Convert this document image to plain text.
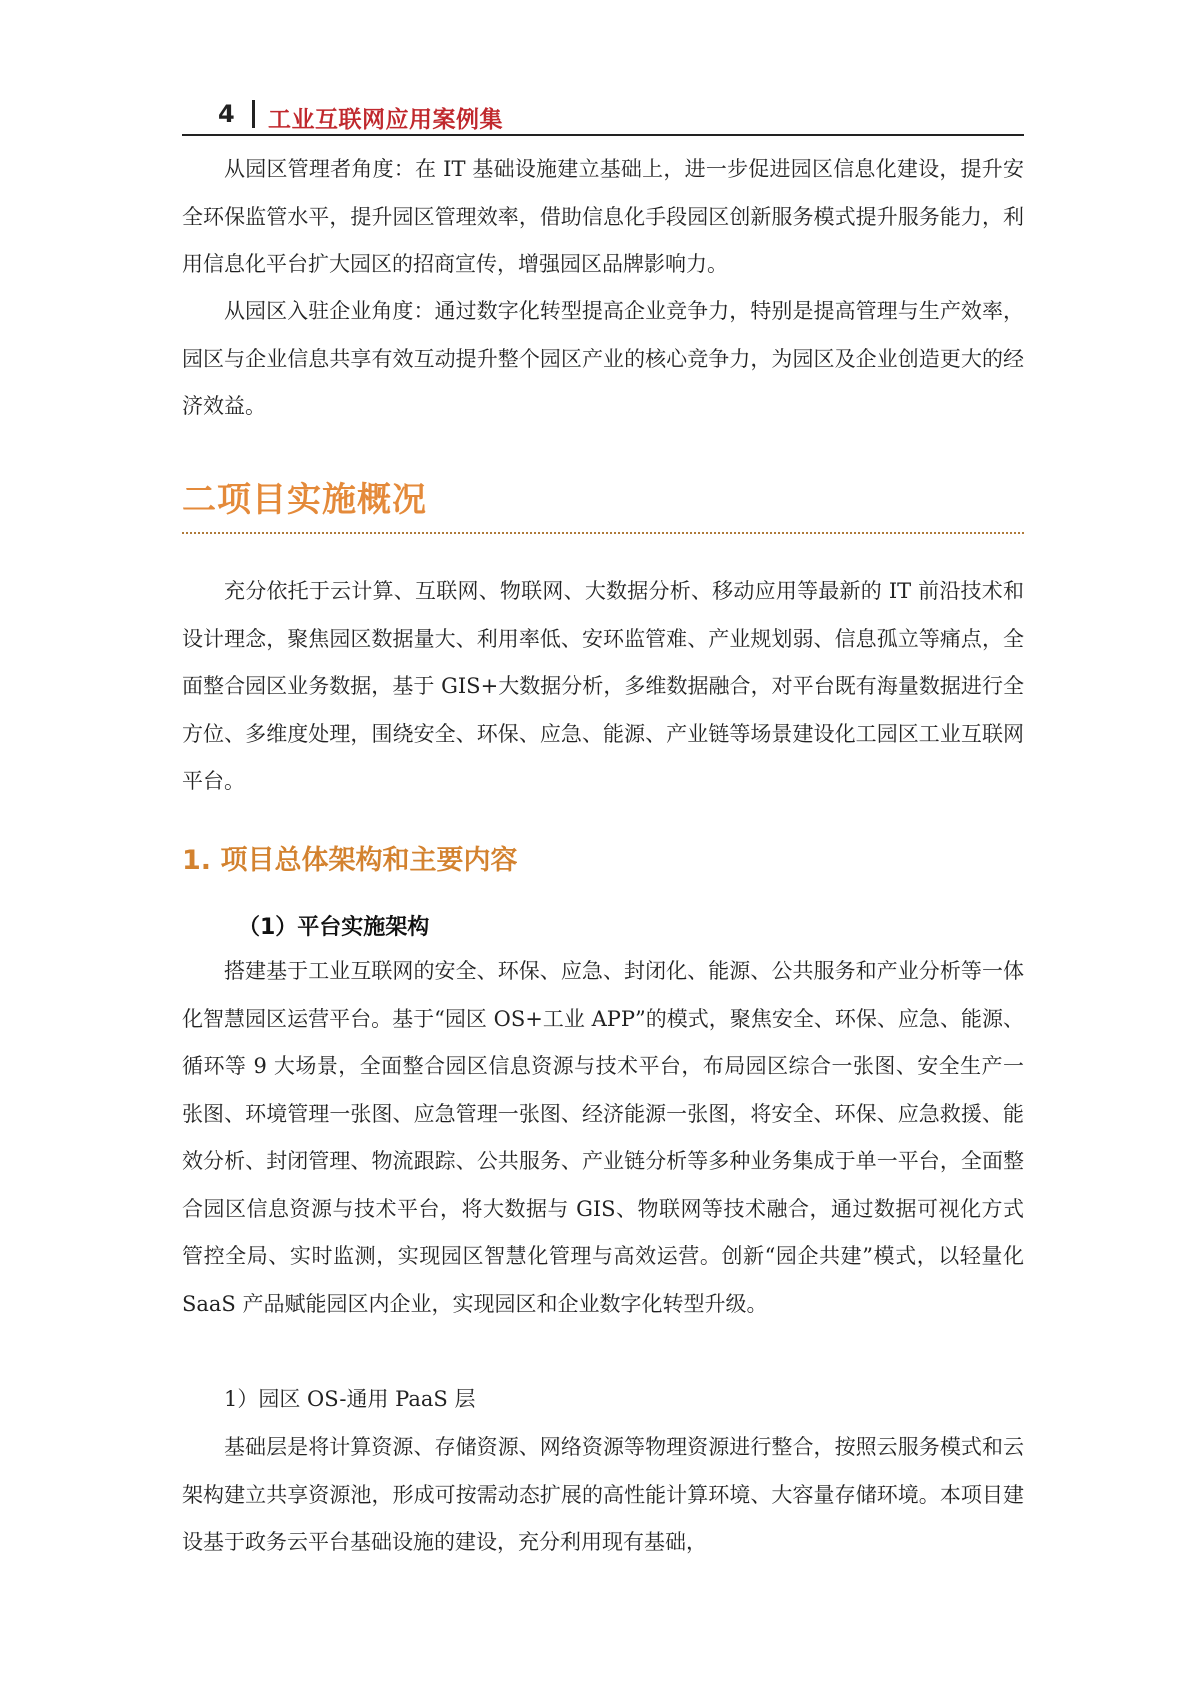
4 工业互联网应用案例集

从园区管理者角度：在 IT 基础设施建立基础上，进一步促进园区信息化建设，提升安全环保监管水平，提升园区管理效率，借助信息化手段园区创新服务模式提升服务能力，利用信息化平台扩大园区的招商宣传，增强园区品牌影响力。

从园区入驻企业角度：通过数字化转型提高企业竞争力，特别是提高管理与生产效率，园区与企业信息共享有效互动提升整个园区产业的核心竞争力，为园区及企业创造更大的经济效益。

二项目实施概况

充分依托于云计算、互联网、物联网、大数据分析、移动应用等最新的 IT 前沿技术和设计理念，聚焦园区数据量大、利用率低、安环监管难、产业规划弱、信息孤立等痛点，全面整合园区业务数据，基于 GIS+大数据分析，多维数据融合，对平台既有海量数据进行全方位、多维度处理，围绕安全、环保、应急、能源、产业链等场景建设化工园区工业互联网平台。

1. 项目总体架构和主要内容
（1）平台实施架构

搭建基于工业互联网的安全、环保、应急、封闭化、能源、公共服务和产业分析等一体化智慧园区运营平台。基于“园区 OS+工业 APP”的模式，聚焦安全、环保、应急、能源、循环等 9 大场景，全面整合园区信息资源与技术平台，布局园区综合一张图、安全生产一张图、环境管理一张图、应急管理一张图、经济能源一张图，将安全、环保、应急救援、能效分析、封闭管理、物流跟踪、公共服务、产业链分析等多种业务集成于单一平台，全面整合园区信息资源与技术平台，将大数据与 GIS、物联网等技术融合，通过数据可视化方式管控全局、实时监测，实现园区智慧化管理与高效运营。创新“园企共建”模式，以轻量化 SaaS 产品赋能园区内企业，实现园区和企业数字化转型升级。

1）园区 OS-通用 PaaS 层

基础层是将计算资源、存储资源、网络资源等物理资源进行整合，按照云服务模式和云架构建立共享资源池，形成可按需动态扩展的高性能计算环境、大容量存储环境。本项目建设基于政务云平台基础设施的建设，充分利用现有基础，
